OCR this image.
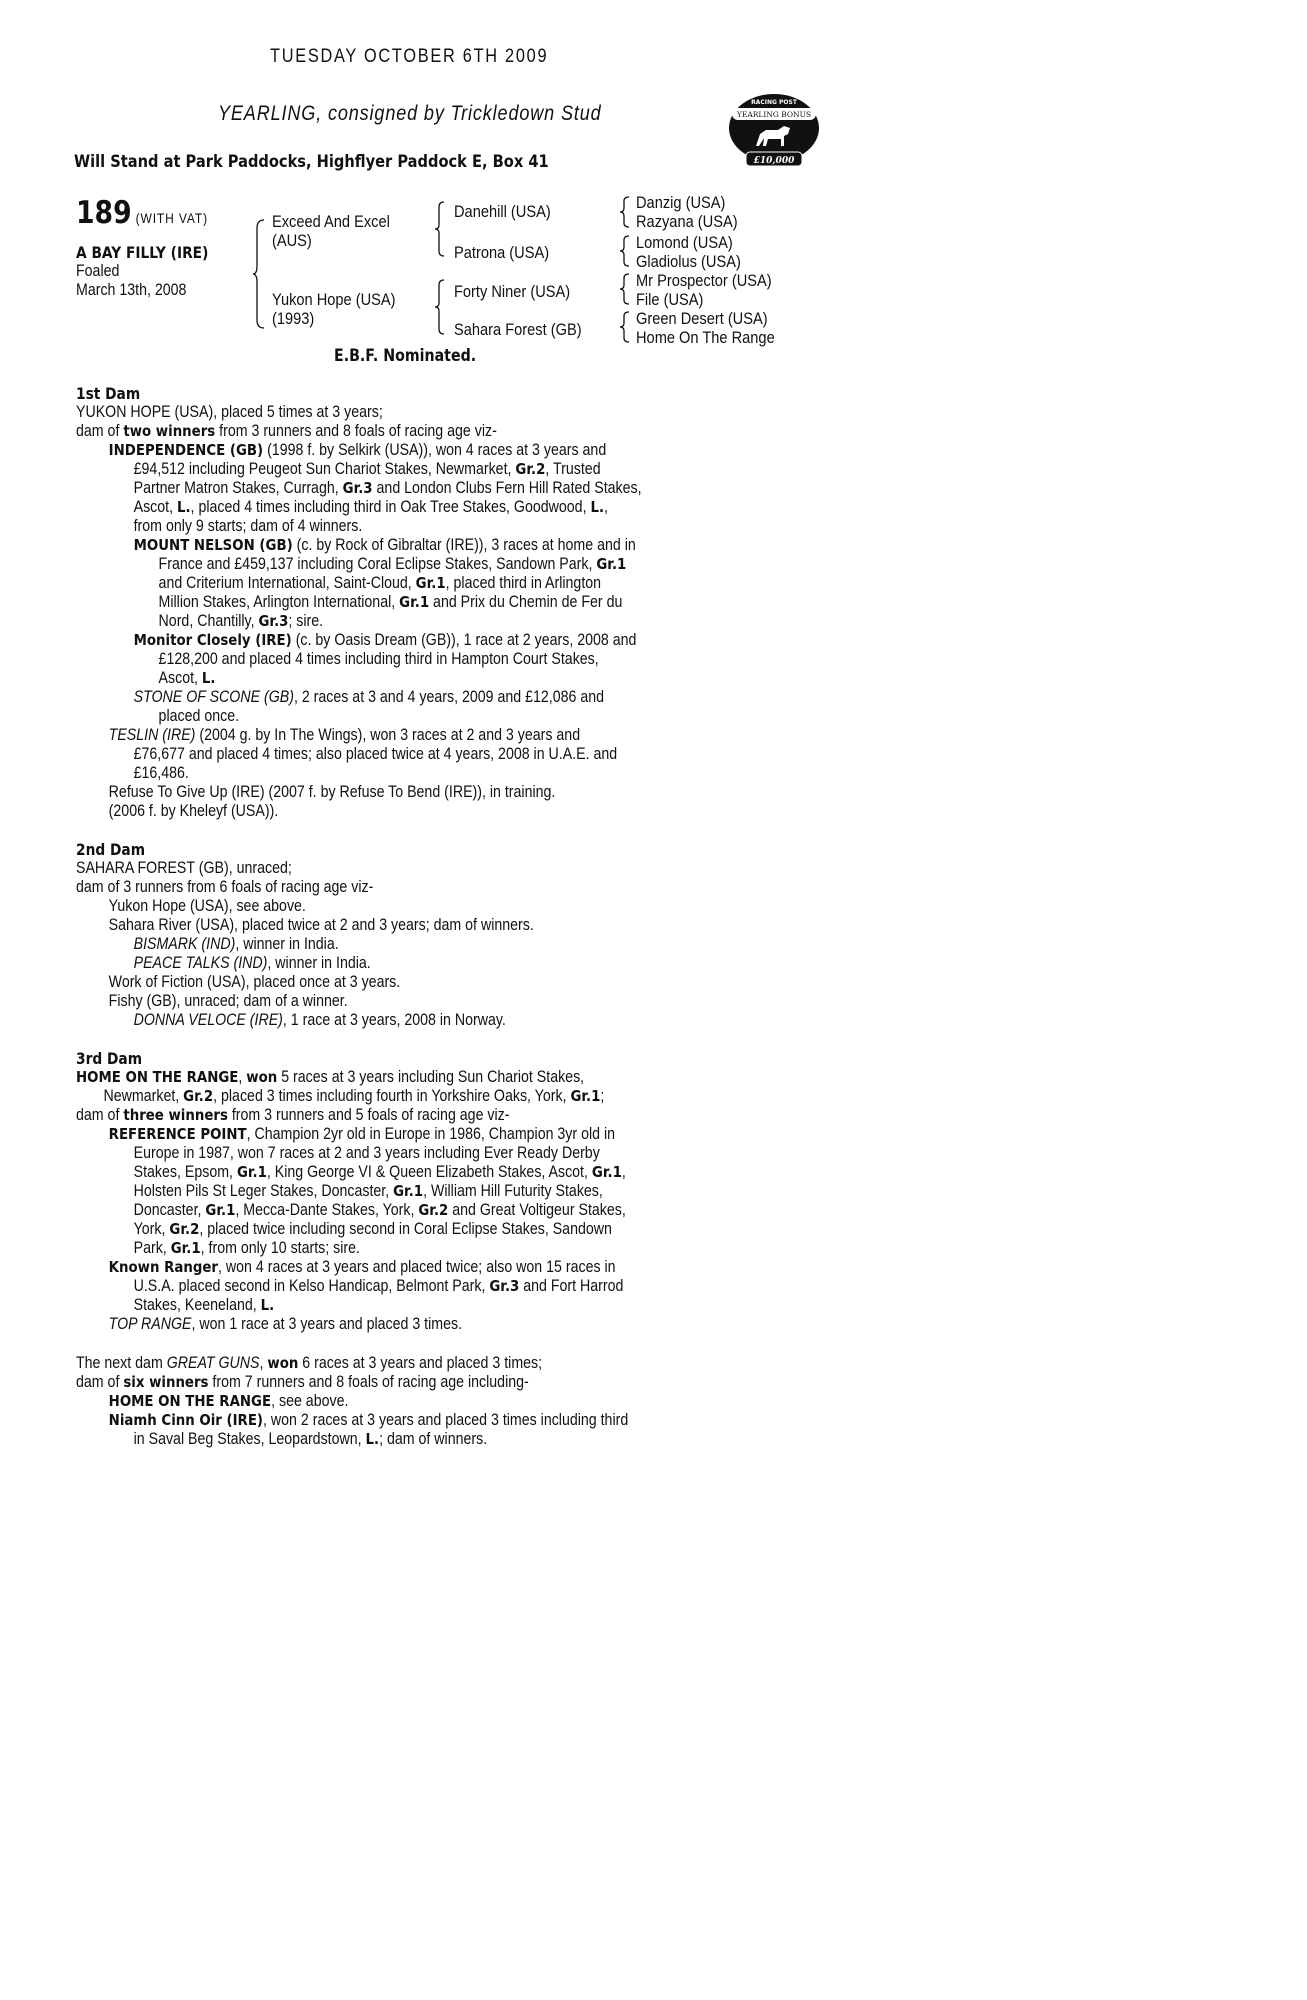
TUESDAY OCTOBER 6TH 2009
YEARLING, consigned by Trickledown Stud
Will Stand at Park Paddocks, Highflyer Paddock E, Box 41
RACING POST
YEARLING BONUS
£10,000
189 (WITH VAT)
A BAY FILLY (IRE)
Foaled
March 13th, 2008
Exceed And Excel
(AUS)
Yukon Hope (USA)
(1993)
Danehill (USA)
Patrona (USA)
Forty Niner (USA)
Sahara Forest (GB)
Danzig (USA)
Razyana (USA)
Lomond (USA)
Gladiolus (USA)
Mr Prospector (USA)
File (USA)
Green Desert (USA)
Home On The Range
E.B.F. Nominated.
1st Dam
YUKON HOPE (USA), placed 5 times at 3 years;
dam of two winners from 3 runners and 8 foals of racing age viz-
INDEPENDENCE (GB) (1998 f. by Selkirk (USA)), won 4 races at 3 years and
£94,512 including Peugeot Sun Chariot Stakes, Newmarket, Gr.2, Trusted
Partner Matron Stakes, Curragh, Gr.3 and London Clubs Fern Hill Rated Stakes,
Ascot, L., placed 4 times including third in Oak Tree Stakes, Goodwood, L.,
from only 9 starts; dam of 4 winners.
MOUNT NELSON (GB) (c. by Rock of Gibraltar (IRE)), 3 races at home and in
France and £459,137 including Coral Eclipse Stakes, Sandown Park, Gr.1
and Criterium International, Saint-Cloud, Gr.1, placed third in Arlington
Million Stakes, Arlington International, Gr.1 and Prix du Chemin de Fer du
Nord, Chantilly, Gr.3; sire.
Monitor Closely (IRE) (c. by Oasis Dream (GB)), 1 race at 2 years, 2008 and
£128,200 and placed 4 times including third in Hampton Court Stakes,
Ascot, L.
STONE OF SCONE (GB), 2 races at 3 and 4 years, 2009 and £12,086 and
placed once.
TESLIN (IRE) (2004 g. by In The Wings), won 3 races at 2 and 3 years and
£76,677 and placed 4 times; also placed twice at 4 years, 2008 in U.A.E. and
£16,486.
Refuse To Give Up (IRE) (2007 f. by Refuse To Bend (IRE)), in training.
(2006 f. by Kheleyf (USA)).
2nd Dam
SAHARA FOREST (GB), unraced;
dam of 3 runners from 6 foals of racing age viz-
Yukon Hope (USA), see above.
Sahara River (USA), placed twice at 2 and 3 years; dam of winners.
BISMARK (IND), winner in India.
PEACE TALKS (IND), winner in India.
Work of Fiction (USA), placed once at 3 years.
Fishy (GB), unraced; dam of a winner.
DONNA VELOCE (IRE), 1 race at 3 years, 2008 in Norway.
3rd Dam
HOME ON THE RANGE, won 5 races at 3 years including Sun Chariot Stakes,
Newmarket, Gr.2, placed 3 times including fourth in Yorkshire Oaks, York, Gr.1;
dam of three winners from 3 runners and 5 foals of racing age viz-
REFERENCE POINT, Champion 2yr old in Europe in 1986, Champion 3yr old in
Europe in 1987, won 7 races at 2 and 3 years including Ever Ready Derby
Stakes, Epsom, Gr.1, King George VI & Queen Elizabeth Stakes, Ascot, Gr.1,
Holsten Pils St Leger Stakes, Doncaster, Gr.1, William Hill Futurity Stakes,
Doncaster, Gr.1, Mecca-Dante Stakes, York, Gr.2 and Great Voltigeur Stakes,
York, Gr.2, placed twice including second in Coral Eclipse Stakes, Sandown
Park, Gr.1, from only 10 starts; sire.
Known Ranger, won 4 races at 3 years and placed twice; also won 15 races in
U.S.A. placed second in Kelso Handicap, Belmont Park, Gr.3 and Fort Harrod
Stakes, Keeneland, L.
TOP RANGE, won 1 race at 3 years and placed 3 times.
The next dam GREAT GUNS, won 6 races at 3 years and placed 3 times;
dam of six winners from 7 runners and 8 foals of racing age including-
HOME ON THE RANGE, see above.
Niamh Cinn Oir (IRE), won 2 races at 3 years and placed 3 times including third
in Saval Beg Stakes, Leopardstown, L.; dam of winners.
